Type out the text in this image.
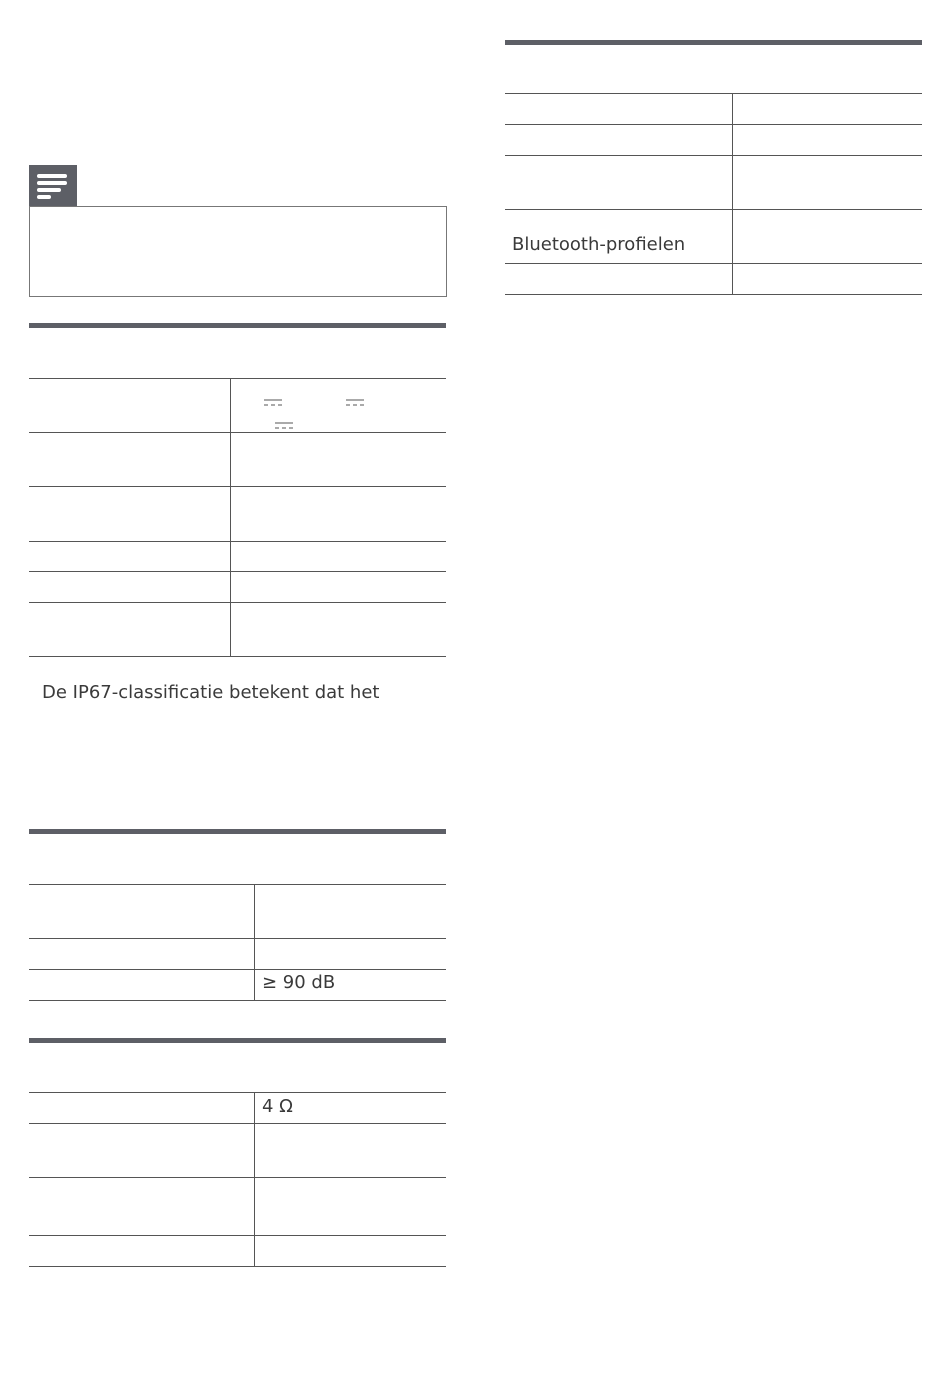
Bluetooth-profielen
De IP67-classificatie betekent dat het
≥ 90 dB
4 Ω
